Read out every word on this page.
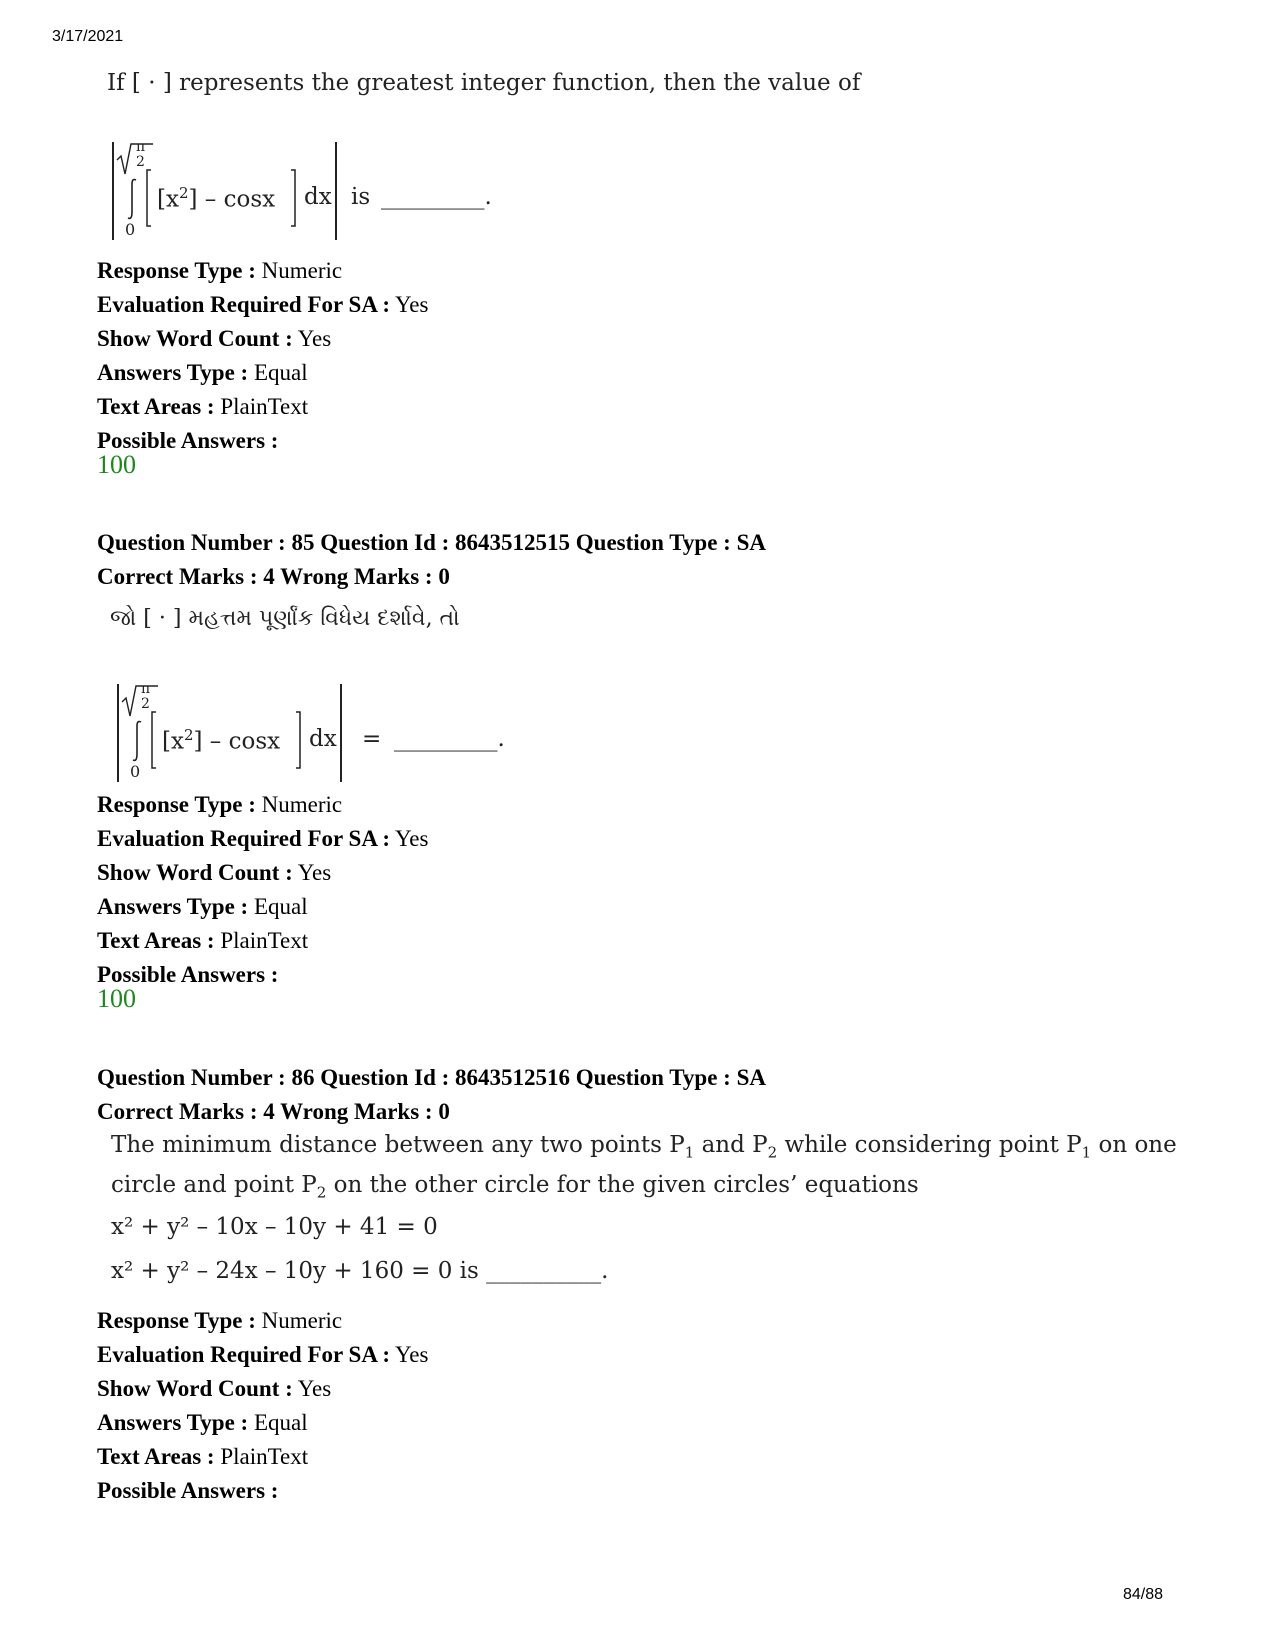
3/17/2021
84/88
If [ · ] represents the greatest integer function, then the value of
π
2
0
$[x^2]$ – cosx dx is _________.
Response Type : Numeric
Evaluation Required For SA : Yes
Show Word Count : Yes
Answers Type : Equal
Text Areas : PlainText
Possible Answers :
100
Question Number : 85 Question Id : 8643512515 Question Type : SA
Correct Marks : 4 Wrong Marks : 0
જો [ · ] મહત્તમ પૂર્ણાંક વિધેય દર્શાવે, તો
π
2
0
$[x^2]$ – cosx dx = _________.
Response Type : Numeric
Evaluation Required For SA : Yes
Show Word Count : Yes
Answers Type : Equal
Text Areas : PlainText
Possible Answers :
100
Question Number : 86 Question Id : 8643512516 Question Type : SA
Correct Marks : 4 Wrong Marks : 0
The minimum distance between any two points $P_1$ and $P_2$ while considering point $P_1$ on one
circle and point $P_2$ on the other circle for the given circles’ equations
x² + y² – 10x – 10y + 41 = 0
x² + y² – 24x – 10y + 160 = 0 is __________.
Response Type : Numeric
Evaluation Required For SA : Yes
Show Word Count : Yes
Answers Type : Equal
Text Areas : PlainText
Possible Answers :
